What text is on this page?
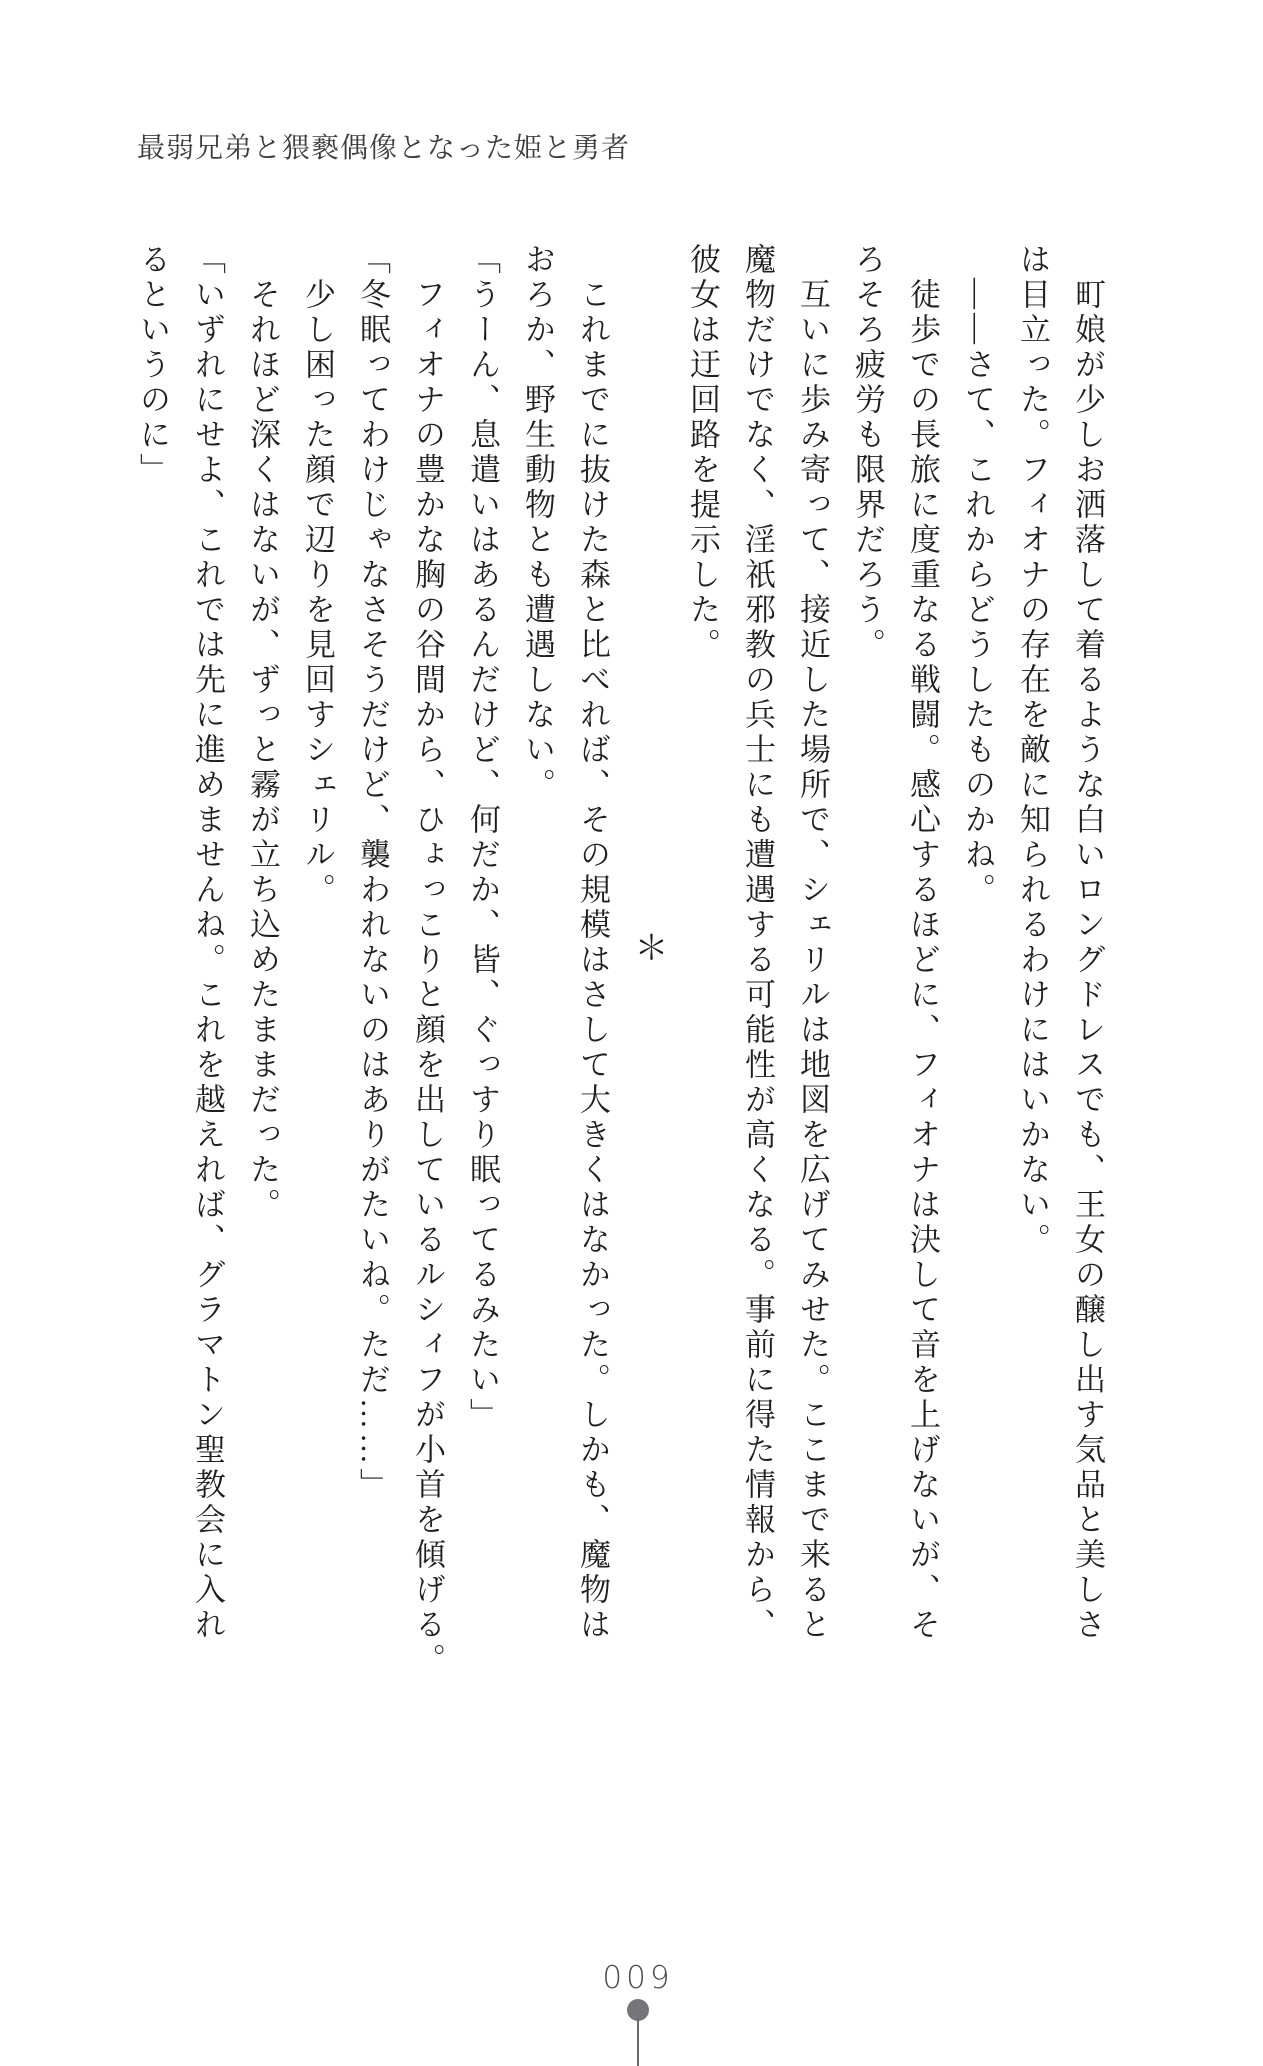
最弱兄弟と猥褻偶像となった姫と勇者

町娘が少しお洒落して着るような白いロングドレスでも、王女の醸し出す気品と美しさ

は目立った。フィオナの存在を敵に知られるわけにはいかない。

――さて、これからどうしたものかね。

徒歩での長旅に度重なる戦闘。感心するほどに、フィオナは決して音を上げないが、そ

ろそろ疲労も限界だろう。

互いに歩み寄って、接近した場所で、シェリルは地図を広げてみせた。ここまで来ると

魔物だけでなく、淫祇邪教の兵士にも遭遇する可能性が高くなる。事前に得た情報から、

彼女は迂回路を提示した。

＊

これまでに抜けた森と比べれば、その規模はさして大きくはなかった。しかも、魔物は

おろか、野生動物とも遭遇しない。

「うーん、息遣いはあるんだけど、何だか、皆、ぐっすり眠ってるみたい」

フィオナの豊かな胸の谷間から、ひょっこりと顔を出しているルシィフが小首を傾げる。

「冬眠ってわけじゃなさそうだけど、襲われないのはありがたいね。ただ……」

少し困った顔で辺りを見回すシェリル。

それほど深くはないが、ずっと霧が立ち込めたままだった。

「いずれにせよ、これでは先に進めませんね。これを越えれば、グラマトン聖教会に入れ

るというのに」

009
